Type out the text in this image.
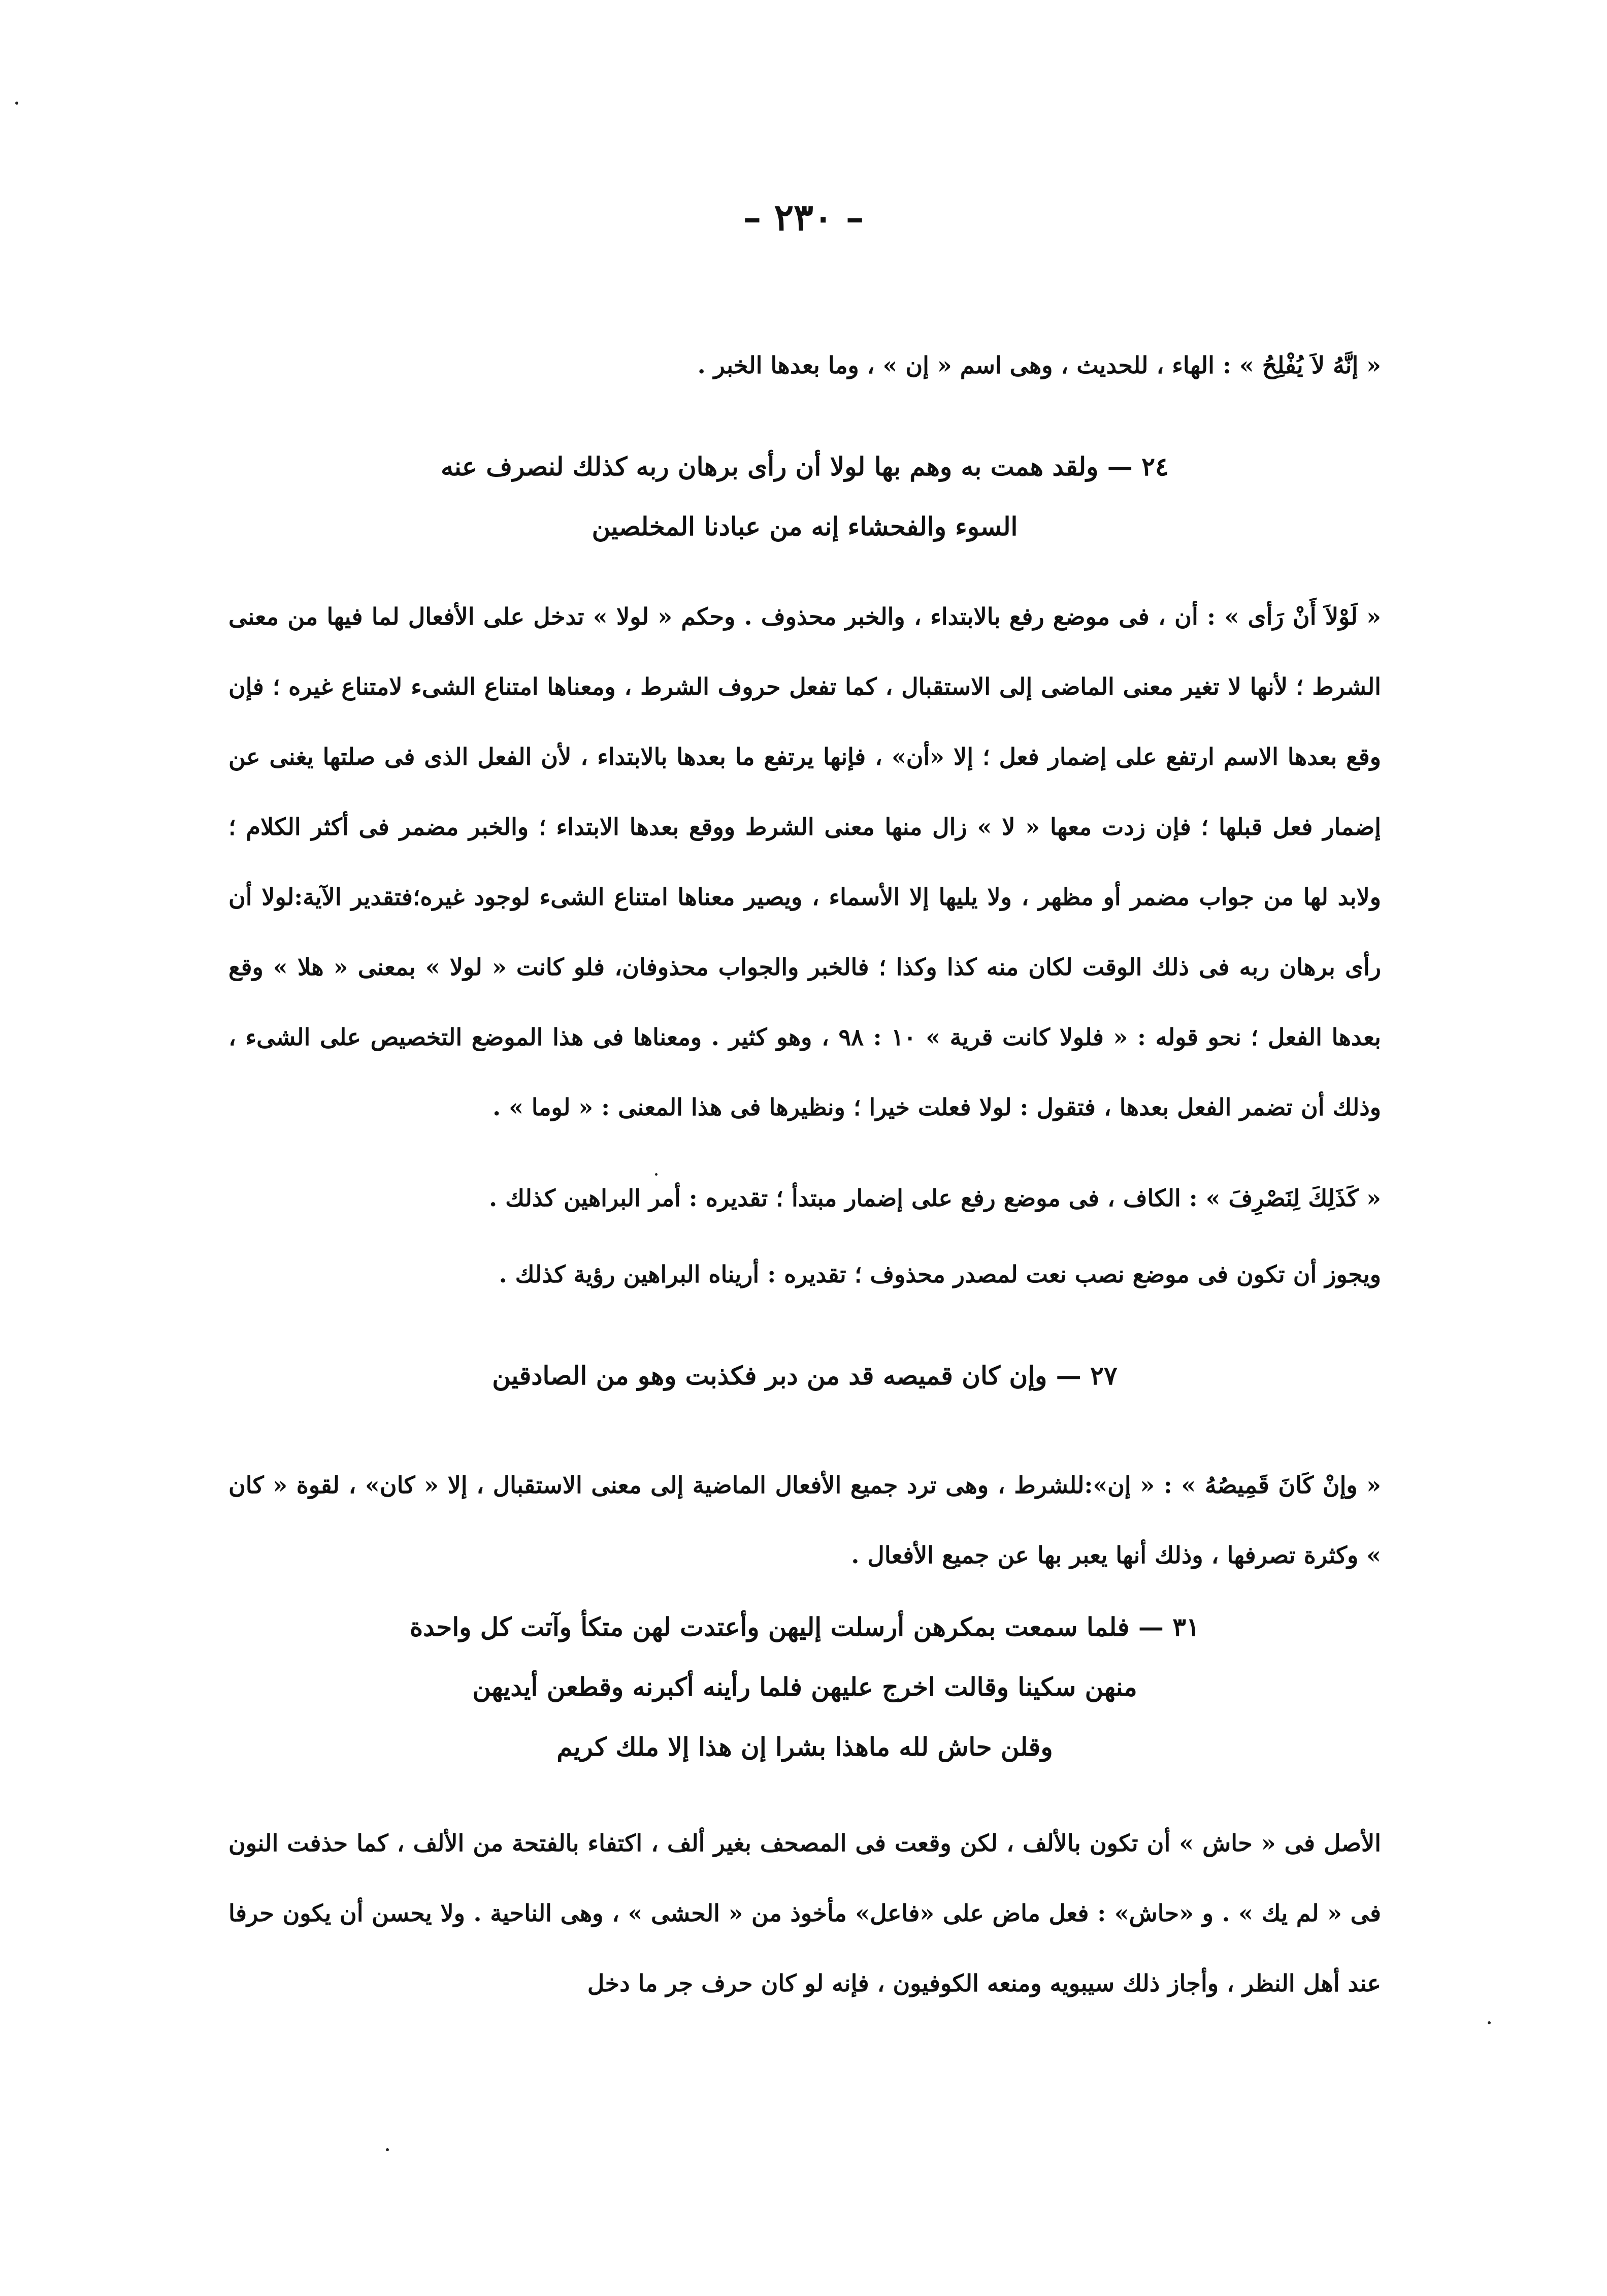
– ٢٣٠ –

« إنَّهُ لاَ يُفْلِحُ » : الهاء ، للحديث ، وهى اسم « إن » ، وما بعدها الخبر .

٢٤ — ولقد همت به وهم بها لولا أن رأى برهان ربه كذلك لنصرف عنه

السوء والفحشاء إنه من عبادنا المخلصين

« لَوْلاَ أَنْ رَأى » : أن ، فى موضع رفع بالابتداء ، والخبر محذوف . وحكم « لولا » تدخل على الأفعال لما فيها من معنى الشرط ؛ لأنها لا تغير معنى الماضى إلى الاستقبال ، كما تفعل حروف الشرط ، ومعناها امتناع الشىء لامتناع غيره ؛ فإن وقع بعدها الاسم ارتفع على إضمار فعل ؛ إلا «أن» ، فإنها يرتفع ما بعدها بالابتداء ، لأن الفعل الذى فى صلتها يغنى عن إضمار فعل قبلها ؛ فإن زدت معها « لا » زال منها معنى الشرط ووقع بعدها الابتداء ؛ والخبر مضمر فى أكثر الكلام ؛ ولابد لها من جواب مضمر أو مظهر ، ولا يليها إلا الأسماء ، ويصير معناها امتناع الشىء لوجود غيره؛فتقدير الآية:لولا أن رأى برهان ربه فى ذلك الوقت لكان منه كذا وكذا ؛ فالخبر والجواب محذوفان، فلو كانت « لولا » بمعنى « هلا » وقع بعدها الفعل ؛ نحو قوله : « فلولا كانت قرية » ١٠ : ٩٨ ، وهو كثير . ومعناها فى هذا الموضع التخصيص على الشىء ، وذلك أن تضمر الفعل بعدها ، فتقول : لولا فعلت خيرا ؛ ونظيرها فى هذا المعنى : « لوما » .

« كَذَلِكَ لِنَصْرِفَ » : الكاف ، فى موضع رفع على إضمار مبتدأ ؛ تقديره : أمر البراهين كذلك .

ويجوز أن تكون فى موضع نصب نعت لمصدر محذوف ؛ تقديره : أريناه البراهين رؤية كذلك .

٢٧ — وإن كان قميصه قد من دبر فكذبت وهو من الصادقين

« وإنْ كَانَ قَمِيصُهُ » : « إن»:للشرط ، وهى ترد جميع الأفعال الماضية إلى معنى الاستقبال ، إلا « كان» ، لقوة « كان » وكثرة تصرفها ، وذلك أنها يعبر بها عن جميع الأفعال .

٣١ — فلما سمعت بمكرهن أرسلت إليهن وأعتدت لهن متكأ وآتت كل واحدة

منهن سكينا وقالت اخرج عليهن فلما رأينه أكبرنه وقطعن أيديهن

وقلن حاش لله ماهذا بشرا إن هذا إلا ملك كريم

الأصل فى « حاش » أن تكون بالألف ، لكن وقعت فى المصحف بغير ألف ، اكتفاء بالفتحة من الألف ، كما حذفت النون فى « لم يك » . و «حاش» : فعل ماض على «فاعل» مأخوذ من « الحشى » ، وهى الناحية . ولا يحسن أن يكون حرفا عند أهل النظر ، وأجاز ذلك سيبويه ومنعه الكوفيون ، فإنه لو كان حرف جر ما دخل
